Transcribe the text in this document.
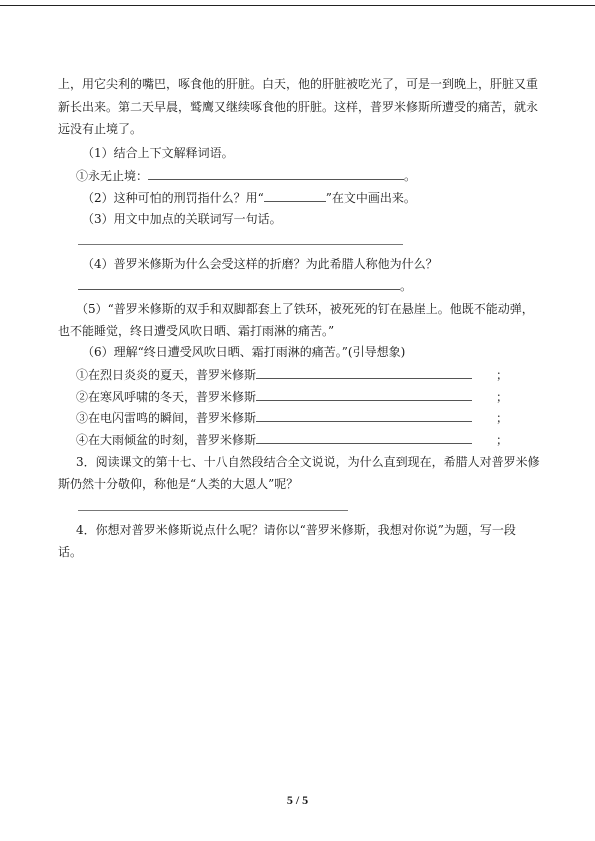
上，用它尖利的嘴巴，啄食他的肝脏。白天，他的肝脏被吃光了，可是一到晚上，肝脏又重
新长出来。第二天早晨，鹫鹰又继续啄食他的肝脏。这样，普罗米修斯所遭受的痛苦，就永
远没有止境了。
（1）结合上下文解释词语。
①永无止境：	。
（2）这种可怕的刑罚指什么？用“	”在文中画出来。
（3）用文中加点的关联词写一句话。
（4）普罗米修斯为什么会受这样的折磨？为此希腊人称他为什么？
。
（5）“普罗米修斯的双手和双脚都套上了铁环，被死死的钉在悬崖上。他既不能动弹，
也不能睡觉，终日遭受风吹日晒、霜打雨淋的痛苦。”
（6）理解“终日遭受风吹日晒、霜打雨淋的痛苦。”(引导想象)
①在烈日炎炎的夏天，普罗米修斯	；
②在寒风呼啸的冬天，普罗米修斯	；
③在电闪雷鸣的瞬间，普罗米修斯	；
④在大雨倾盆的时刻，普罗米修斯	；
3．阅读课文的第十七、十八自然段结合全文说说，为什么直到现在，希腊人对普罗米修
斯仍然十分敬仰，称他是“人类的大恩人”呢？
4．你想对普罗米修斯说点什么呢？请你以“普罗米修斯，我想对你说”为题，写一段
话。
5 / 5
